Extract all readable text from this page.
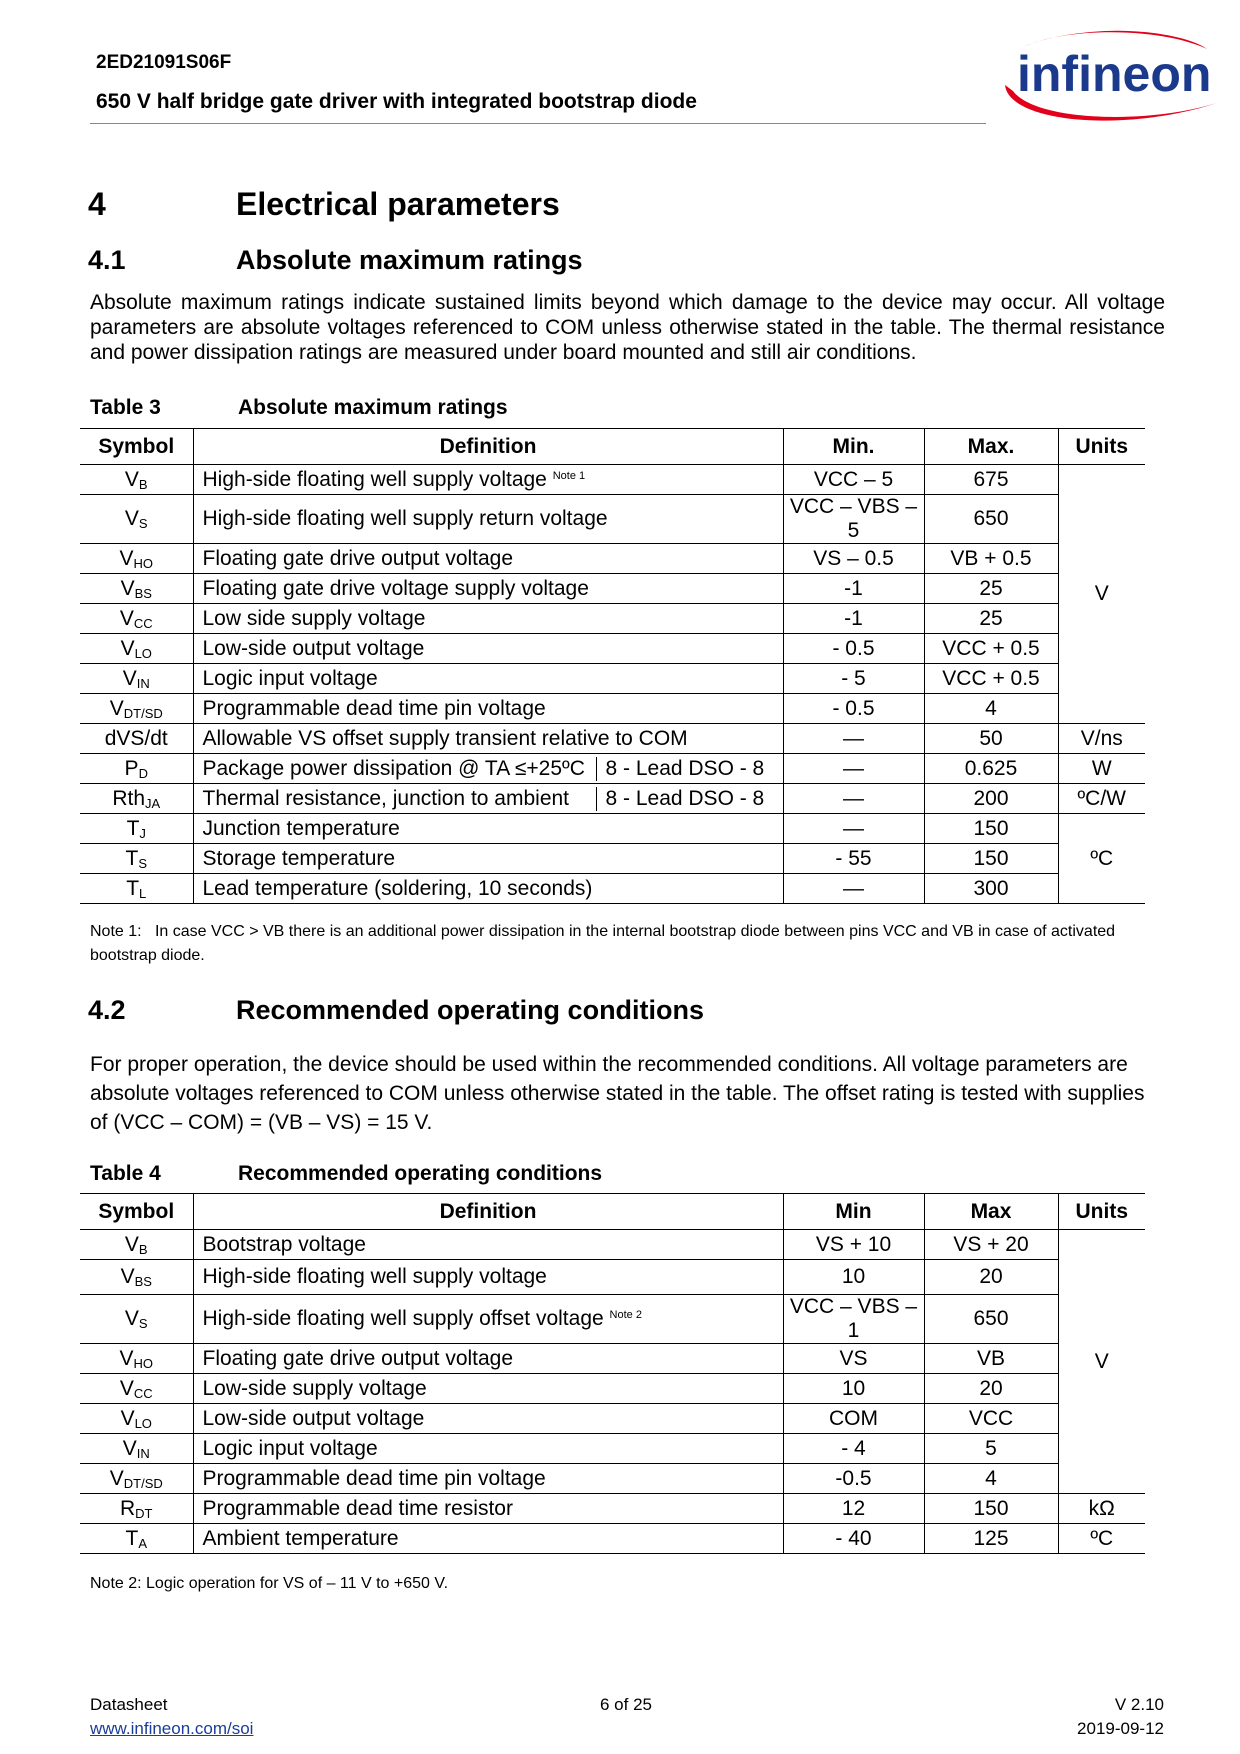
2ED21091S06F
650 V half bridge gate driver with integrated bootstrap diode	infineon
4	Electrical parameters
4.1	Absolute maximum ratings

Absolute maximum ratings indicate sustained limits beyond which damage to the device may occur. All voltage parameters are absolute voltages referenced to COM unless otherwise stated in the table. The thermal resistance and power dissipation ratings are measured under board mounted and still air conditions.

Table 3	Absolute maximum ratings
Symbol	Definition	Min.	Max.	Units
$V_B$	High-side floating well supply voltage $^{Note 1}$	VCC – 5	675	V
$V_S$	High-side floating well supply return voltage	VCC – VBS – 5	650	
$V_{HO}$	Floating gate drive output voltage	VS – 0.5	VB + 0.5	
$V_{BS}$	Floating gate drive voltage supply voltage	-1	25	
$V_{CC}$	Low side supply voltage	-1	25	
$V_{LO}$	Low-side output voltage	- 0.5	VCC + 0.5	
$V_{IN}$	Logic input voltage	- 5	VCC + 0.5	
$V_{DT/SD}$	Programmable dead time pin voltage	- 0.5	4	
dVS/dt	Allowable VS offset supply transient relative to COM	—	50	V/ns
$P_D$	Package power dissipation @ TA ≤+25ºC 8 - Lead DSO - 8	—	0.625	W
Rth$_{JA}$	Thermal resistance, junction to ambient 8 - Lead DSO - 8	—	200	ºC/W
$T_J$	Junction temperature	—	150	ºC
$T_S$	Storage temperature	- 55	150	
$T_L$	Lead temperature (soldering, 10 seconds)	—	300	
Note 1: In case VCC > VB there is an additional power dissipation in the internal bootstrap diode between pins VCC and VB in case of activated bootstrap diode.
4.2	Recommended operating conditions

For proper operation, the device should be used within the recommended conditions. All voltage parameters are absolute voltages referenced to COM unless otherwise stated in the table. The offset rating is tested with supplies of (VCC – COM) = (VB – VS) = 15 V.

Table 4	Recommended operating conditions
Symbol	Definition	Min	Max	Units
$V_B$	Bootstrap voltage	VS + 10	VS + 20	V
$V_{BS}$	High-side floating well supply voltage	10	20	
$V_S$	High-side floating well supply offset voltage $^{Note 2}$	VCC – VBS – 1	650	
$V_{HO}$	Floating gate drive output voltage	VS	VB	
$V_{CC}$	Low-side supply voltage	10	20	
$V_{LO}$	Low-side output voltage	COM	VCC	
$V_{IN}$	Logic input voltage	- 4	5	
$V_{DT/SD}$	Programmable dead time pin voltage	-0.5	4	
$R_{DT}$	Programmable dead time resistor	12	150	kΩ
$T_A$	Ambient temperature	- 40	125	ºC
Note 2: Logic operation for VS of – 11 V to +650 V.
Datasheet
www.infineon.com/soi
6 of 25	V 2.10
2019-09-12
